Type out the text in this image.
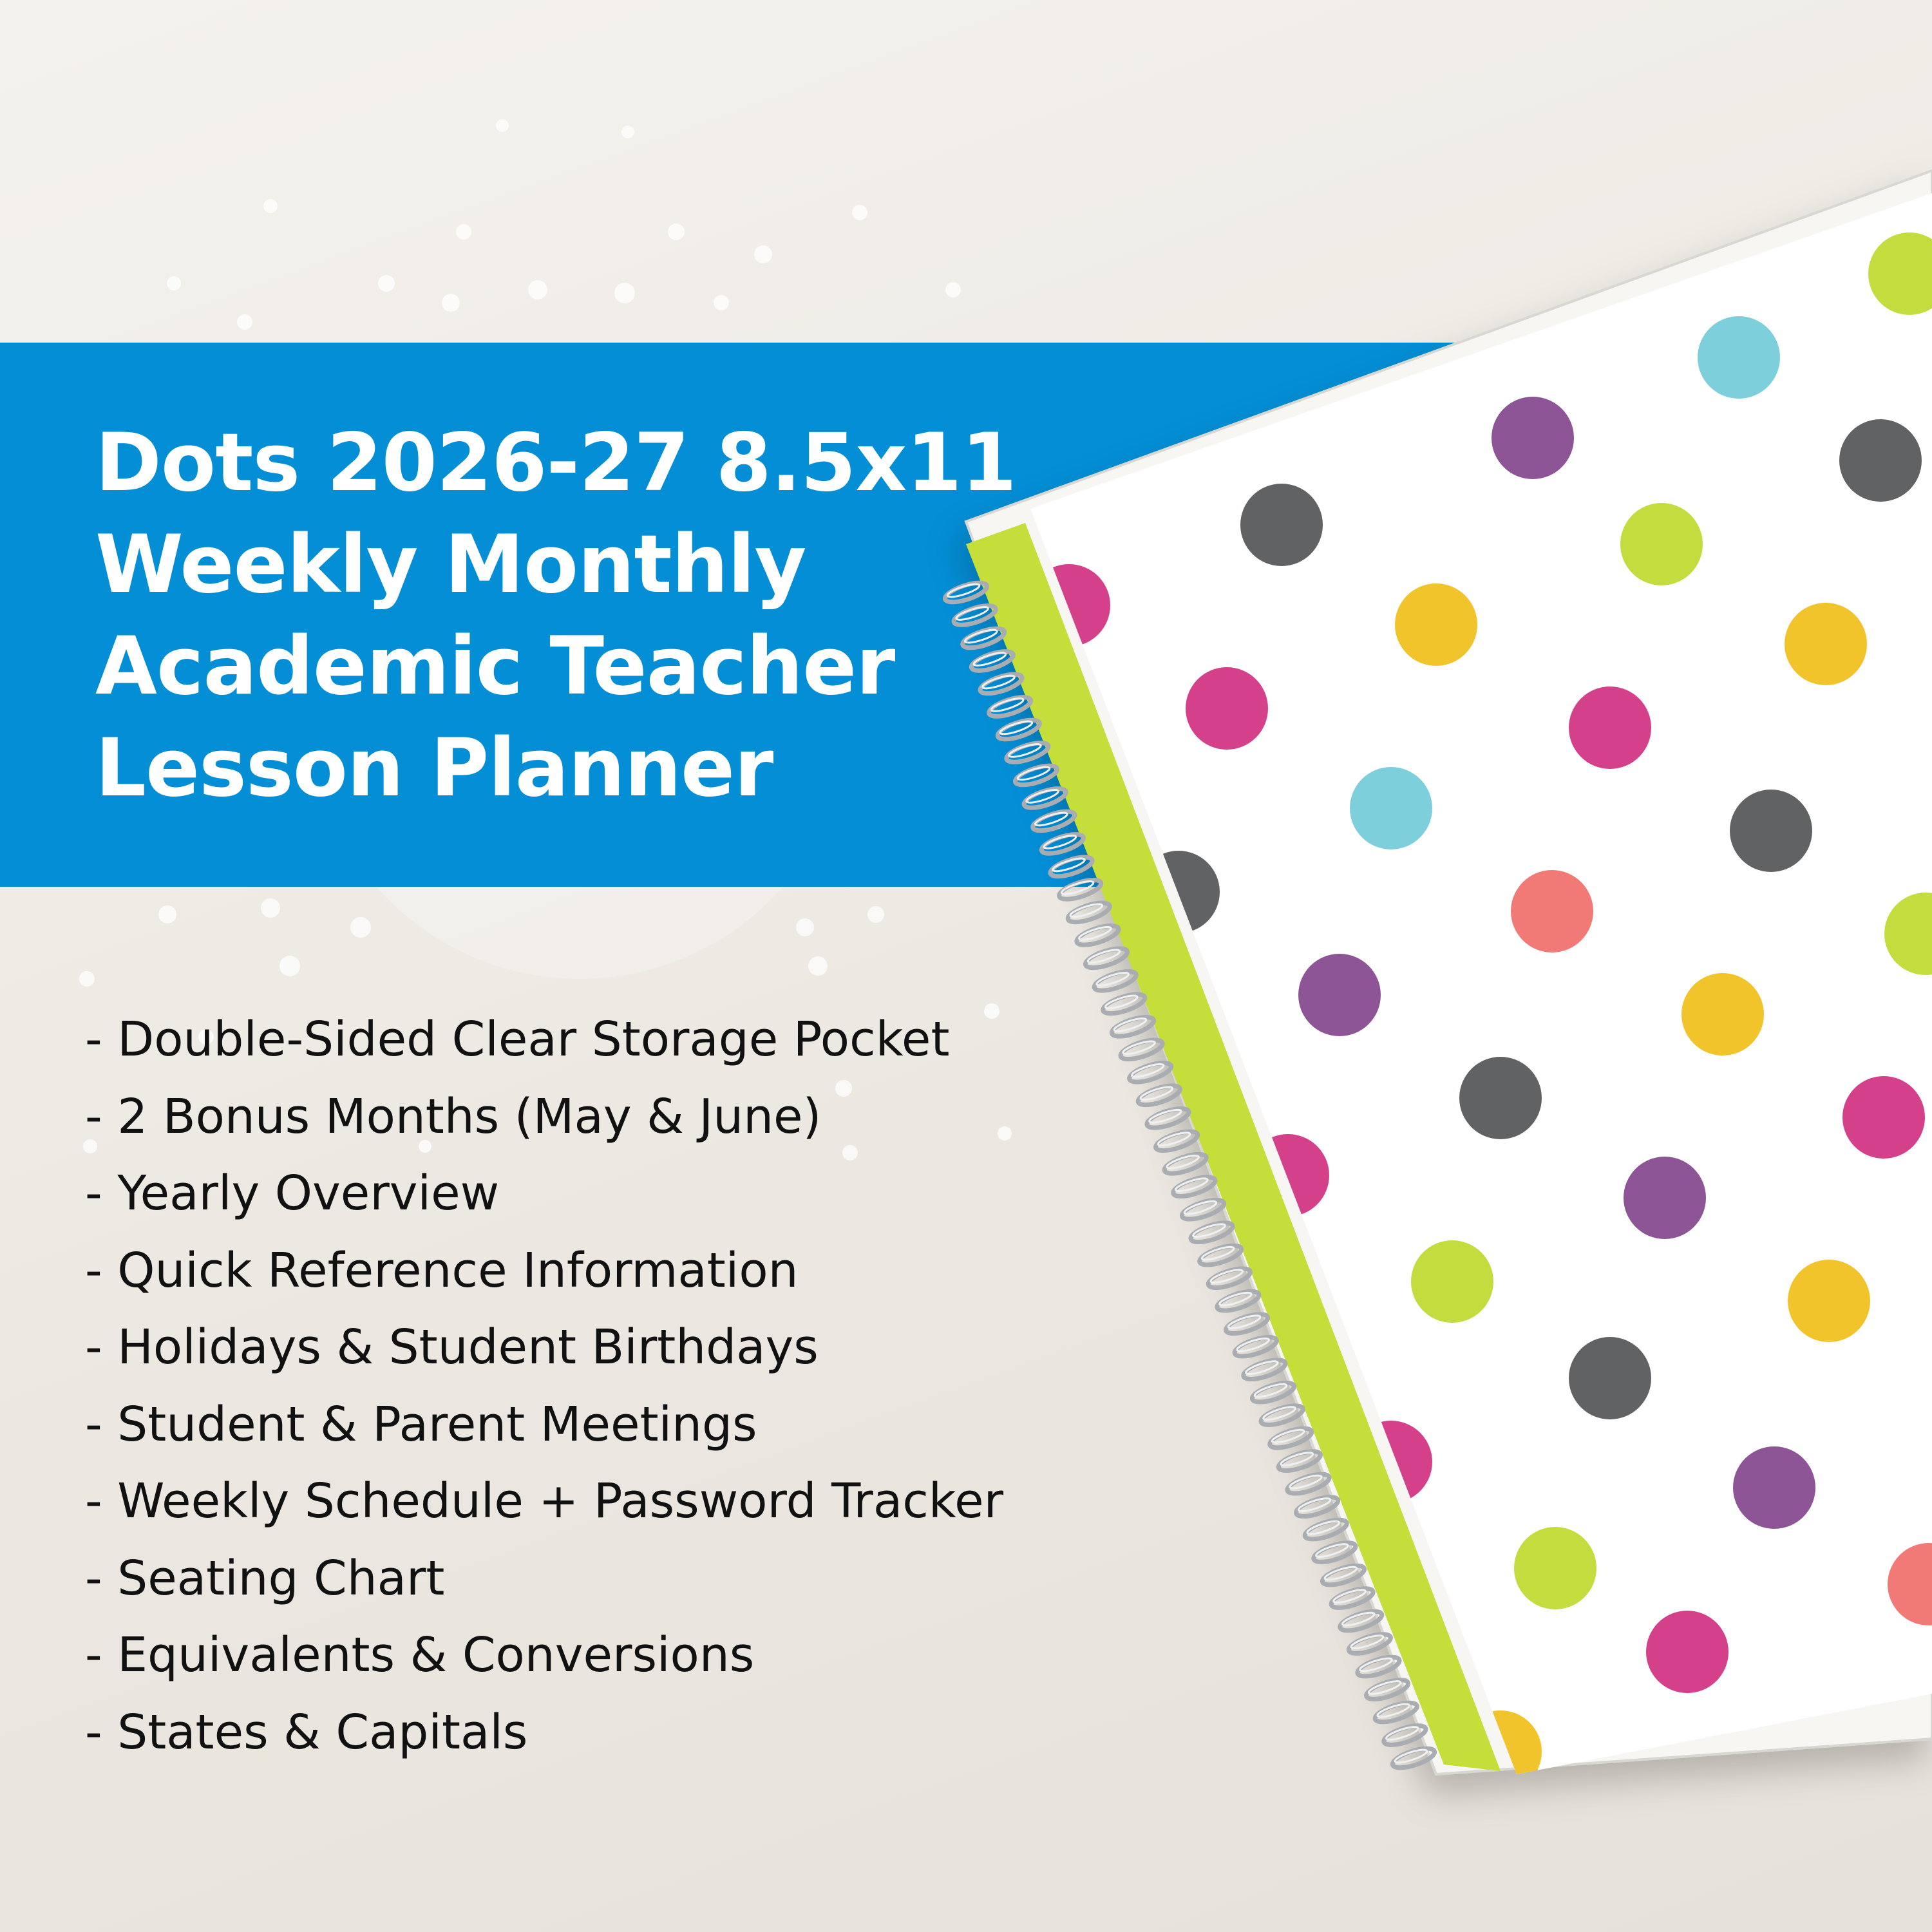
Dots 2026-27 8.5x11
Weekly Monthly
Academic Teacher
Lesson Planner
- Double-Sided Clear Storage Pocket
- 2 Bonus Months (May & June)
- Yearly Overview
- Quick Reference Information
- Holidays & Student Birthdays
- Student & Parent Meetings
- Weekly Schedule + Password Tracker
- Seating Chart
- Equivalents & Conversions
- States & Capitals
